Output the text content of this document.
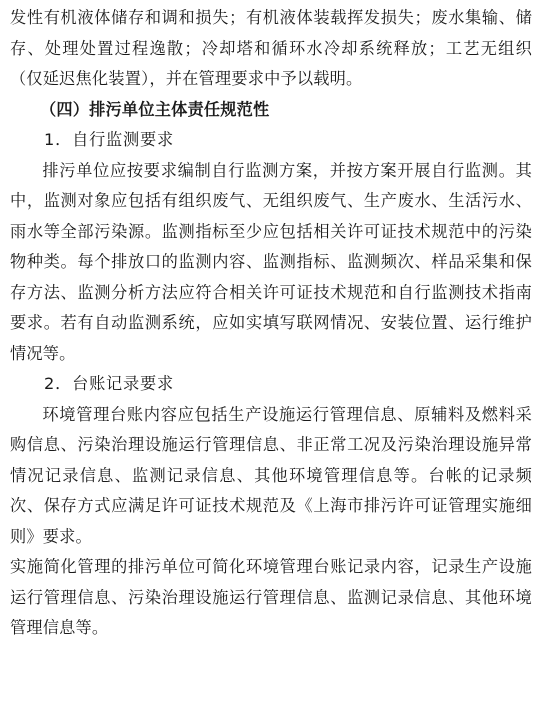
发性有机液体储存和调和损失；有机液体装载挥发损失；废水集输、储存、处理处置过程逸散；冷却塔和循环水冷却系统释放；工艺无组织（仅延迟焦化装置），并在管理要求中予以载明。

（四）排污单位主体责任规范性

1．自行监测要求

排污单位应按要求编制自行监测方案，并按方案开展自行监测。其中，监测对象应包括有组织废气、无组织废气、生产废水、生活污水、雨水等全部污染源。监测指标至少应包括相关许可证技术规范中的污染物种类。每个排放口的监测内容、监测指标、监测频次、样品采集和保存方法、监测分析方法应符合相关许可证技术规范和自行监测技术指南要求。若有自动监测系统，应如实填写联网情况、安装位置、运行维护情况等。

2．台账记录要求

环境管理台账内容应包括生产设施运行管理信息、原辅料及燃料采购信息、污染治理设施运行管理信息、非正常工况及污染治理设施异常情况记录信息、监测记录信息、其他环境管理信息等。台帐的记录频次、保存方式应满足许可证技术规范及《上海市排污许可证管理实施细则》要求。

实施简化管理的排污单位可简化环境管理台账记录内容，记录生产设施运行管理信息、污染治理设施运行管理信息、监测记录信息、其他环境管理信息等。
